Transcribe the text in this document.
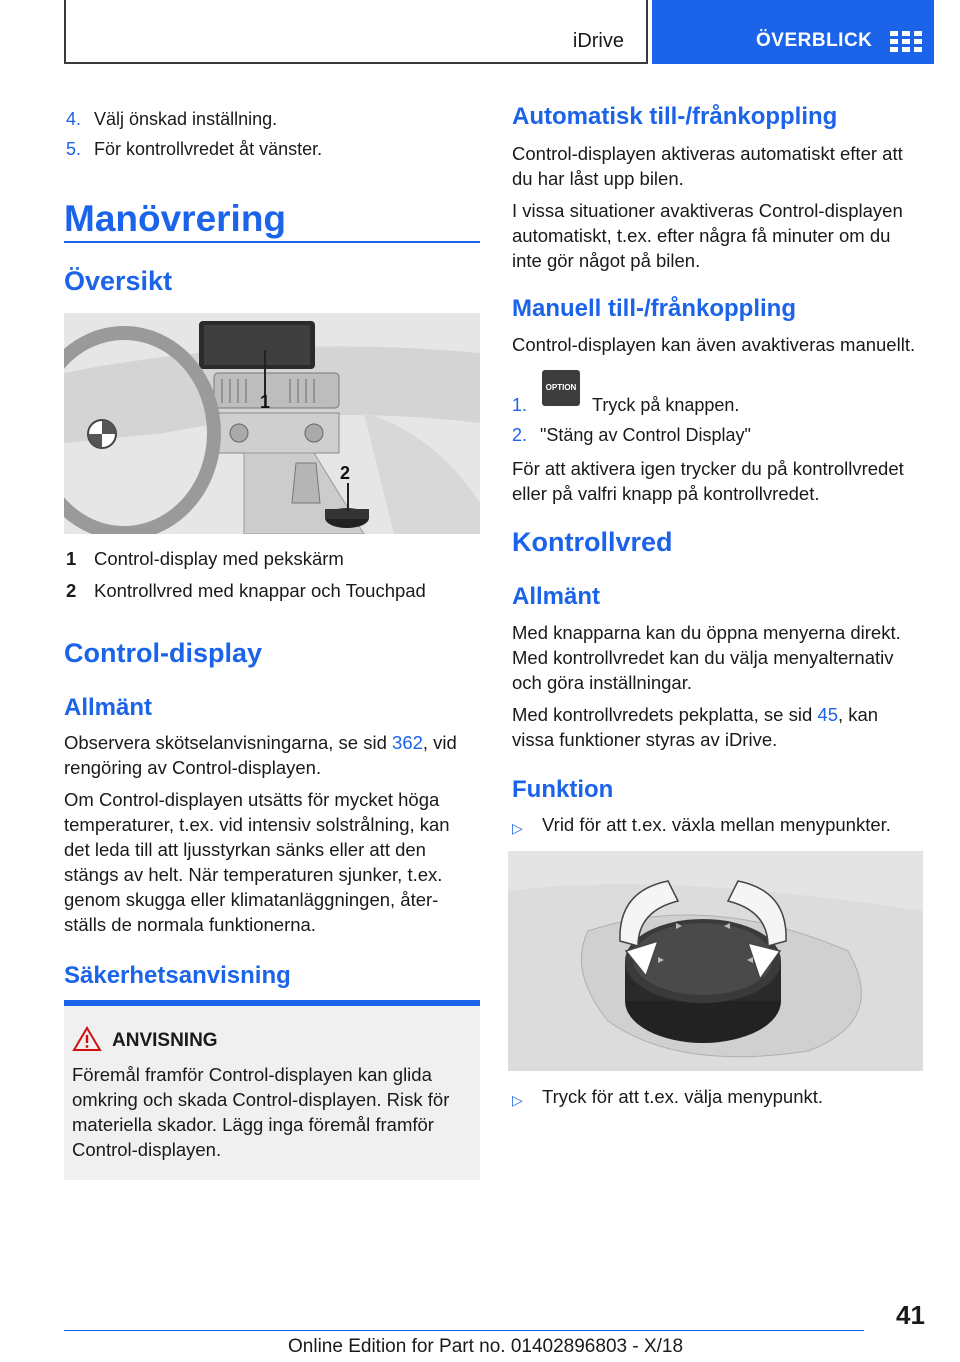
iDrive	ÖVERBLICK
4. Välj önskad inställning.
5. För kontrollvredet åt vänster.
Manövrering
Översikt
1
2
1 Control-display med pekskärm
2 Kontrollvred med knappar och Touchpad
Control-display
Allmänt

Observera skötselanvisningarna, se sid 362, vid
rengöring av Control-displayen.

Om Control-displayen utsätts för mycket höga
temperaturer, t.ex. vid intensiv solstrålning, kan
det leda till att ljusstyrkan sänks eller att den
stängs av helt. När temperaturen sjunker, t.ex.
genom skugga eller klimatanläggningen, åter-
ställs de normala funktionerna.

Säkerhetsanvisning
ANVISNING
Föremål framför Control-displayen kan glida
omkring och skada Control-displayen. Risk för
materiella skador. Lägg inga föremål framför
Control-displayen.
Automatisk till-/frånkoppling

Control-displayen aktiveras automatiskt efter att
du har låst upp bilen.

I vissa situationer avaktiveras Control-displayen
automatiskt, t.ex. efter några få minuter om du
inte gör något på bilen.

Manuell till-/frånkoppling
Control-displayen kan även avaktiveras manuellt.
1.
OPTION
Tryck på knappen.
2. "Stäng av Control Display"
För att aktivera igen trycker du på kontrollvredet
eller på valfri knapp på kontrollvredet.
Kontrollvred
Allmänt

Med knapparna kan du öppna menyerna direkt.
Med kontrollvredet kan du välja menyalternativ
och göra inställningar.

Med kontrollvredets pekplatta, se sid 45, kan
vissa funktioner styras av iDrive.

Funktion
▷ Vrid för att t.ex. växla mellan menypunkter.
▷ Tryck för att t.ex. välja menypunkt.
41
Online Edition for Part no. 01402896803 - X/18
